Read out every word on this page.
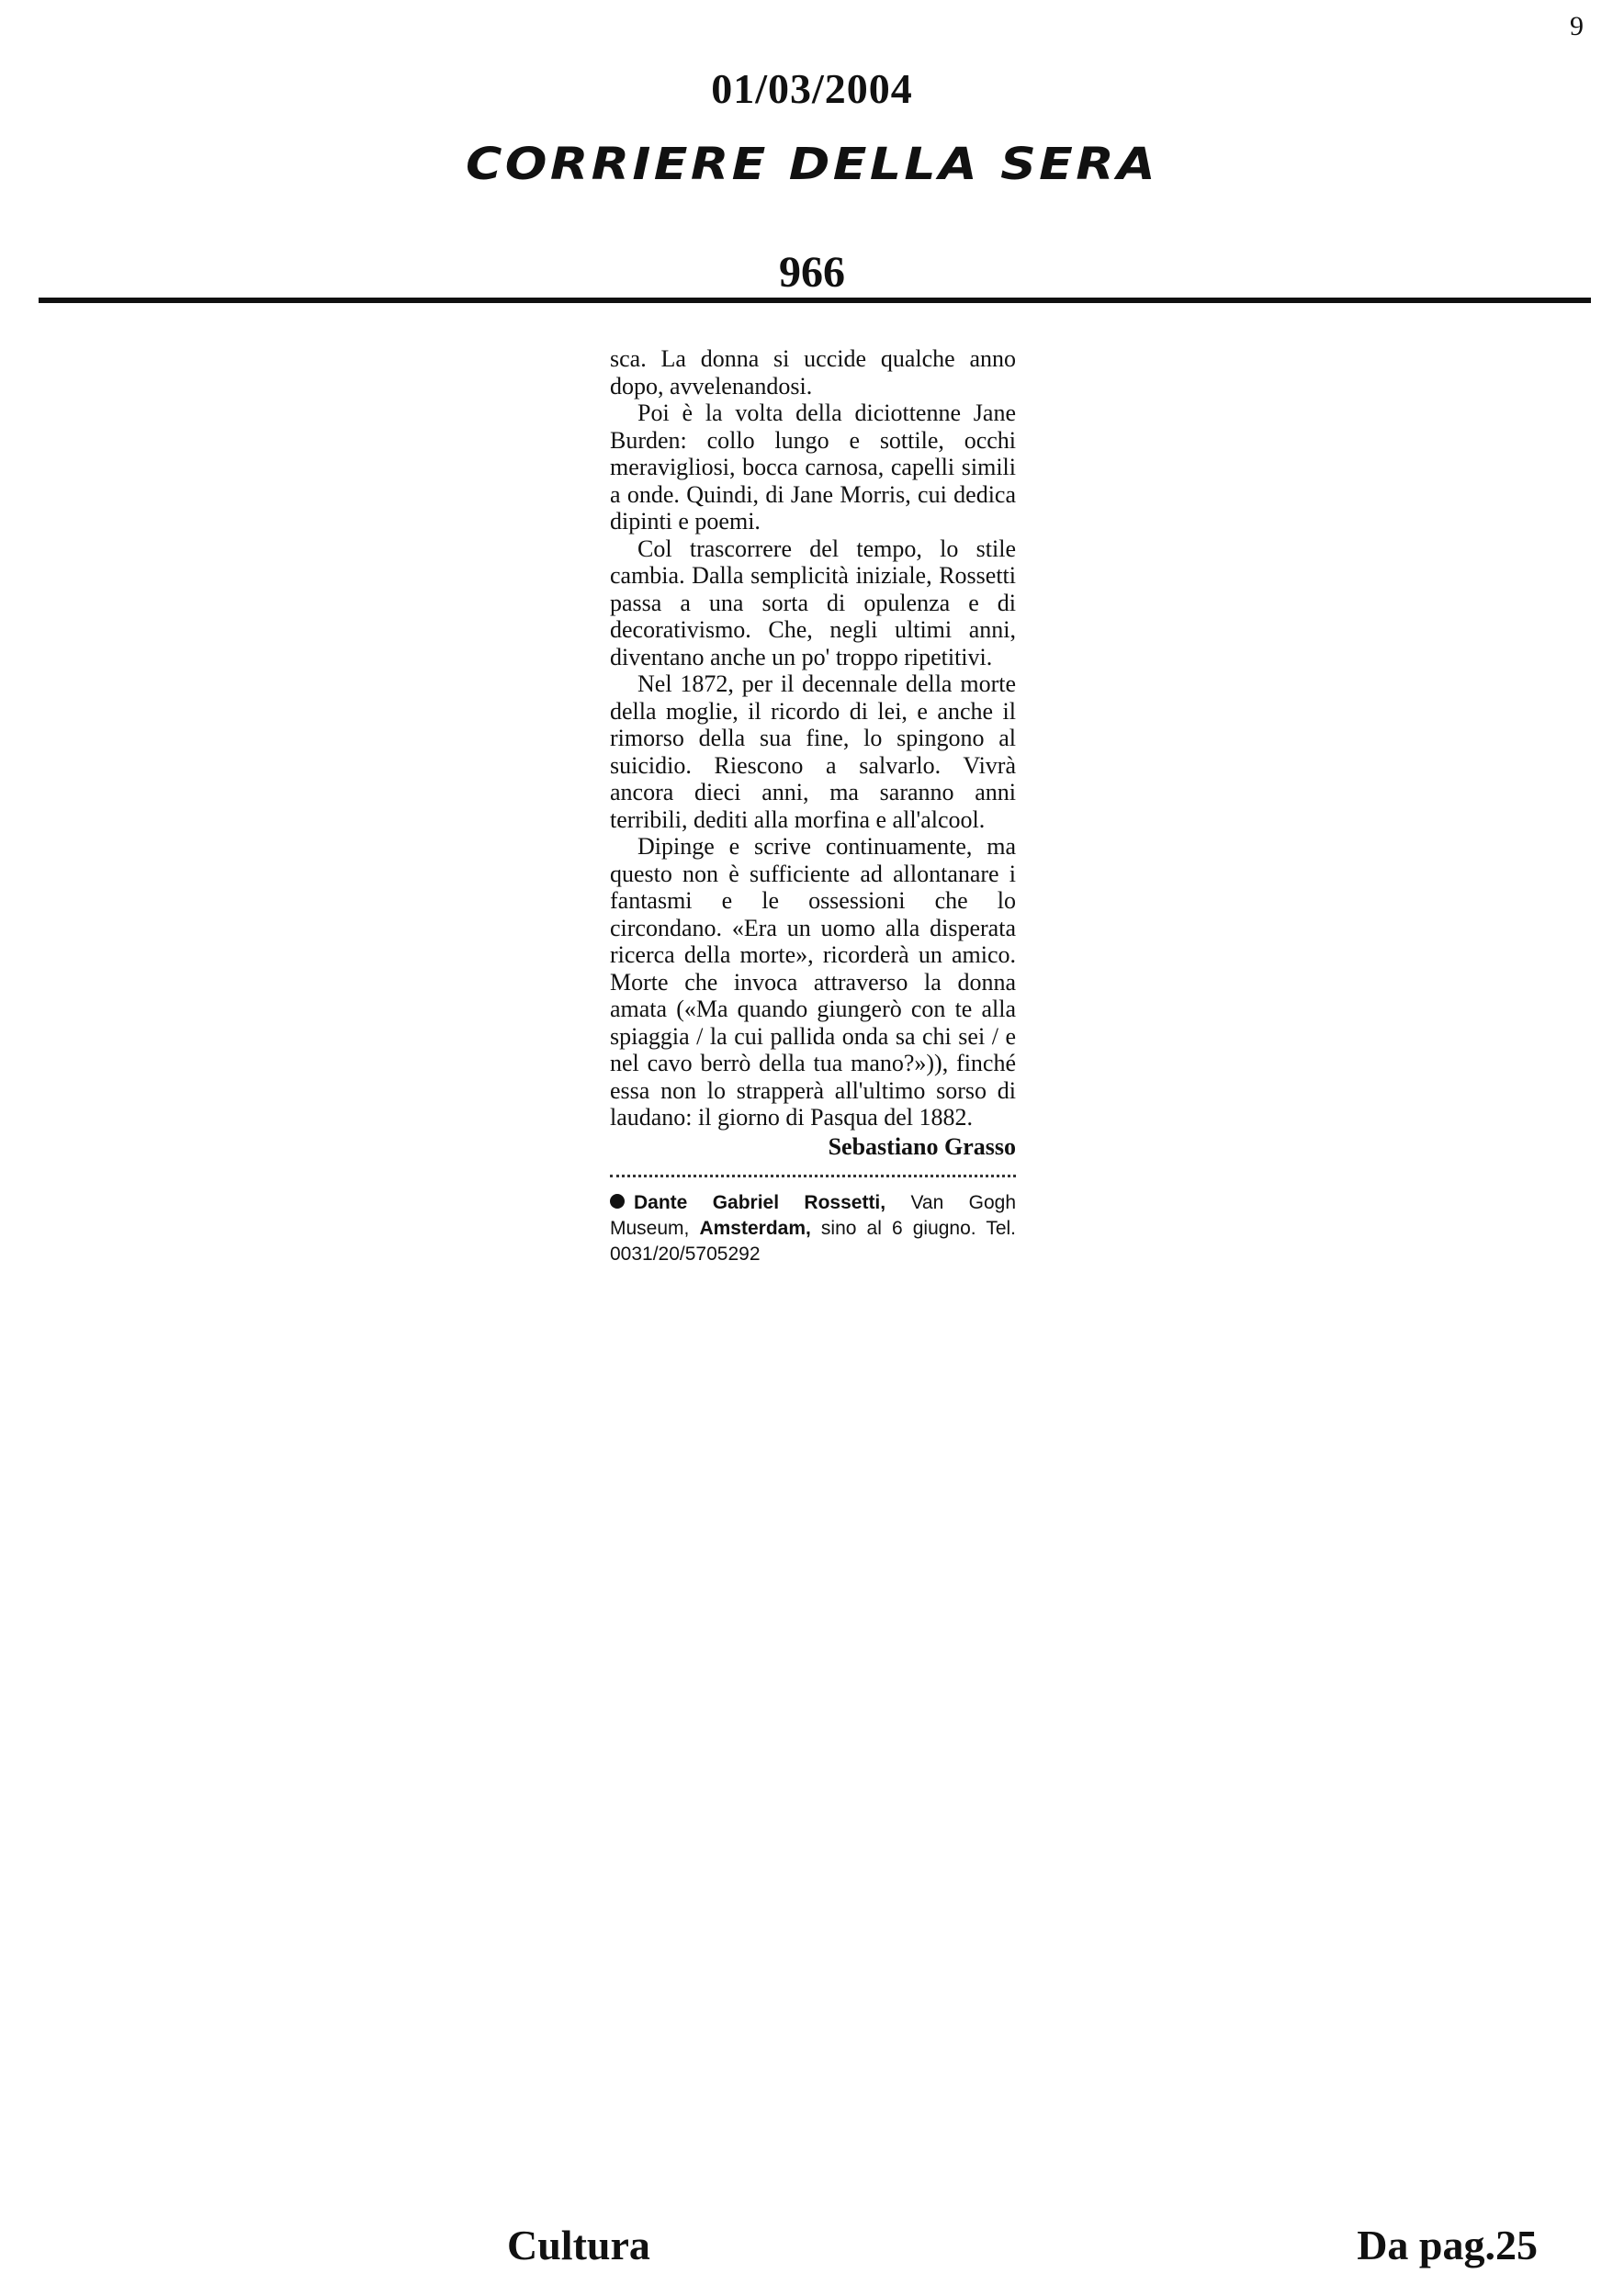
9
01/03/2004
CORRIERE DELLA SERA
966

sca. La donna si uccide qualche anno dopo, avvelenandosi.

Poi è la volta della diciottenne Jane Burden: collo lungo e sottile, occhi meravigliosi, bocca carnosa, capelli simili a onde. Quindi, di Jane Morris, cui dedica dipinti e poemi.

Col trascorrere del tempo, lo stile cambia. Dalla semplicità iniziale, Rossetti passa a una sorta di opulenza e di decorativismo. Che, negli ultimi anni, diventano anche un po' troppo ripetitivi.

Nel 1872, per il decennale della morte della moglie, il ricordo di lei, e anche il rimorso della sua fine, lo spingono al suicidio. Riescono a salvarlo. Vivrà ancora dieci anni, ma saranno anni terribili, dediti alla morfina e all'alcool.

Dipinge e scrive continuamente, ma questo non è sufficiente ad allontanare i fantasmi e le ossessioni che lo circondano. «Era un uomo alla disperata ricerca della morte», ricorderà un amico. Morte che invoca attraverso la donna amata («Ma quando giungerò con te alla spiaggia / la cui pallida onda sa chi sei / e nel cavo berrò della tua mano?»)), finché essa non lo strapperà all'ultimo sorso di laudano: il giorno di Pasqua del 1882.

Sebastiano Grasso
Dante Gabriel Rossetti, Van Gogh Museum, Amsterdam, sino al 6 giugno. Tel. 0031/20/5705292
Cultura	Da pag.25
